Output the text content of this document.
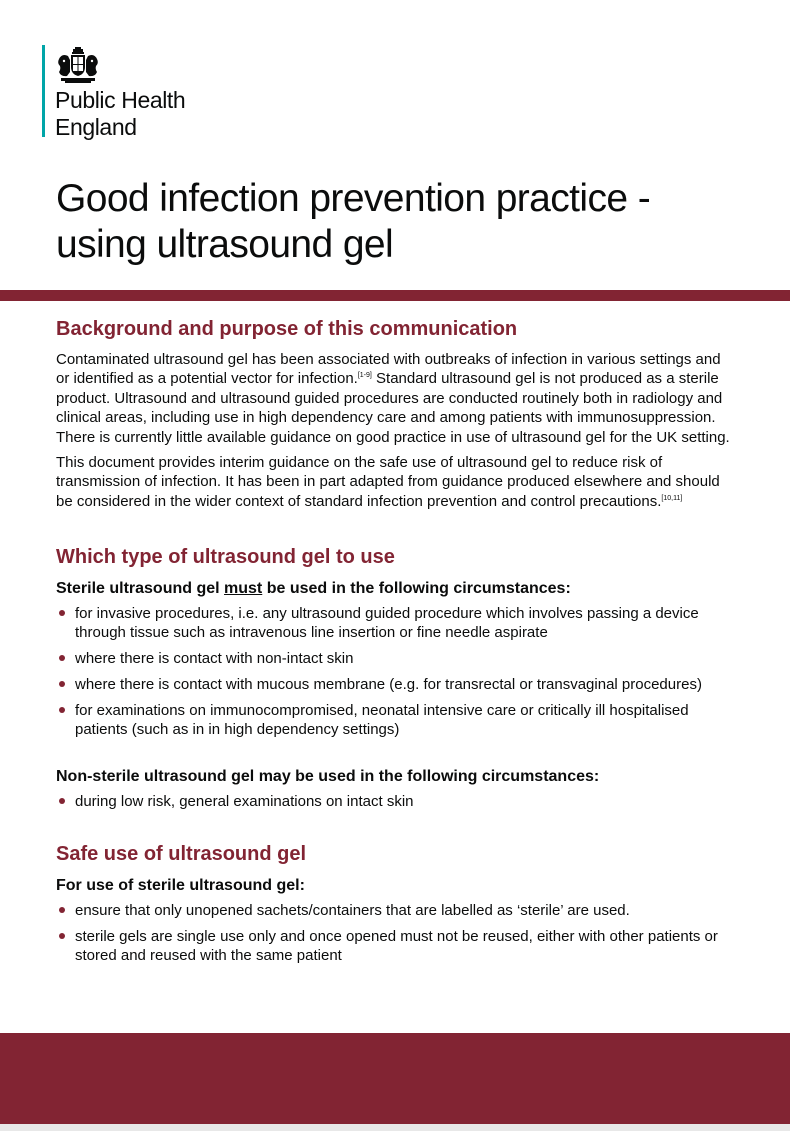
Public Health
England
Good infection prevention practice -
using ultrasound gel
Background and purpose of this communication

Contaminated ultrasound gel has been associated with outbreaks of infection in various settings and or identified as a potential vector for infection.[1-9] Standard ultrasound gel is not produced as a sterile product. Ultrasound and ultrasound guided procedures are conducted routinely both in radiology and clinical areas, including use in high dependency care and among patients with immunosuppression. There is currently little available guidance on good practice in use of ultrasound gel for the UK setting.

This document provides interim guidance on the safe use of ultrasound gel to reduce risk of transmission of infection. It has been in part adapted from guidance produced elsewhere and should be considered in the wider context of standard infection prevention and control precautions.[10,11]

Which type of ultrasound gel to use
Sterile ultrasound gel must be used in the following circumstances:
for invasive procedures, i.e. any ultrasound guided procedure which involves passing a device through tissue such as intravenous line insertion or fine needle aspirate
where there is contact with non-intact skin
where there is contact with mucous membrane (e.g. for transrectal or transvaginal procedures)
for examinations on immunocompromised, neonatal intensive care or critically ill hospitalised patients (such as in in high dependency settings)
Non-sterile ultrasound gel may be used in the following circumstances:
during low risk, general examinations on intact skin
Safe use of ultrasound gel
For use of sterile ultrasound gel:
ensure that only unopened sachets/containers that are labelled as ‘sterile’ are used.
sterile gels are single use only and once opened must not be reused, either with other patients or stored and reused with the same patient
